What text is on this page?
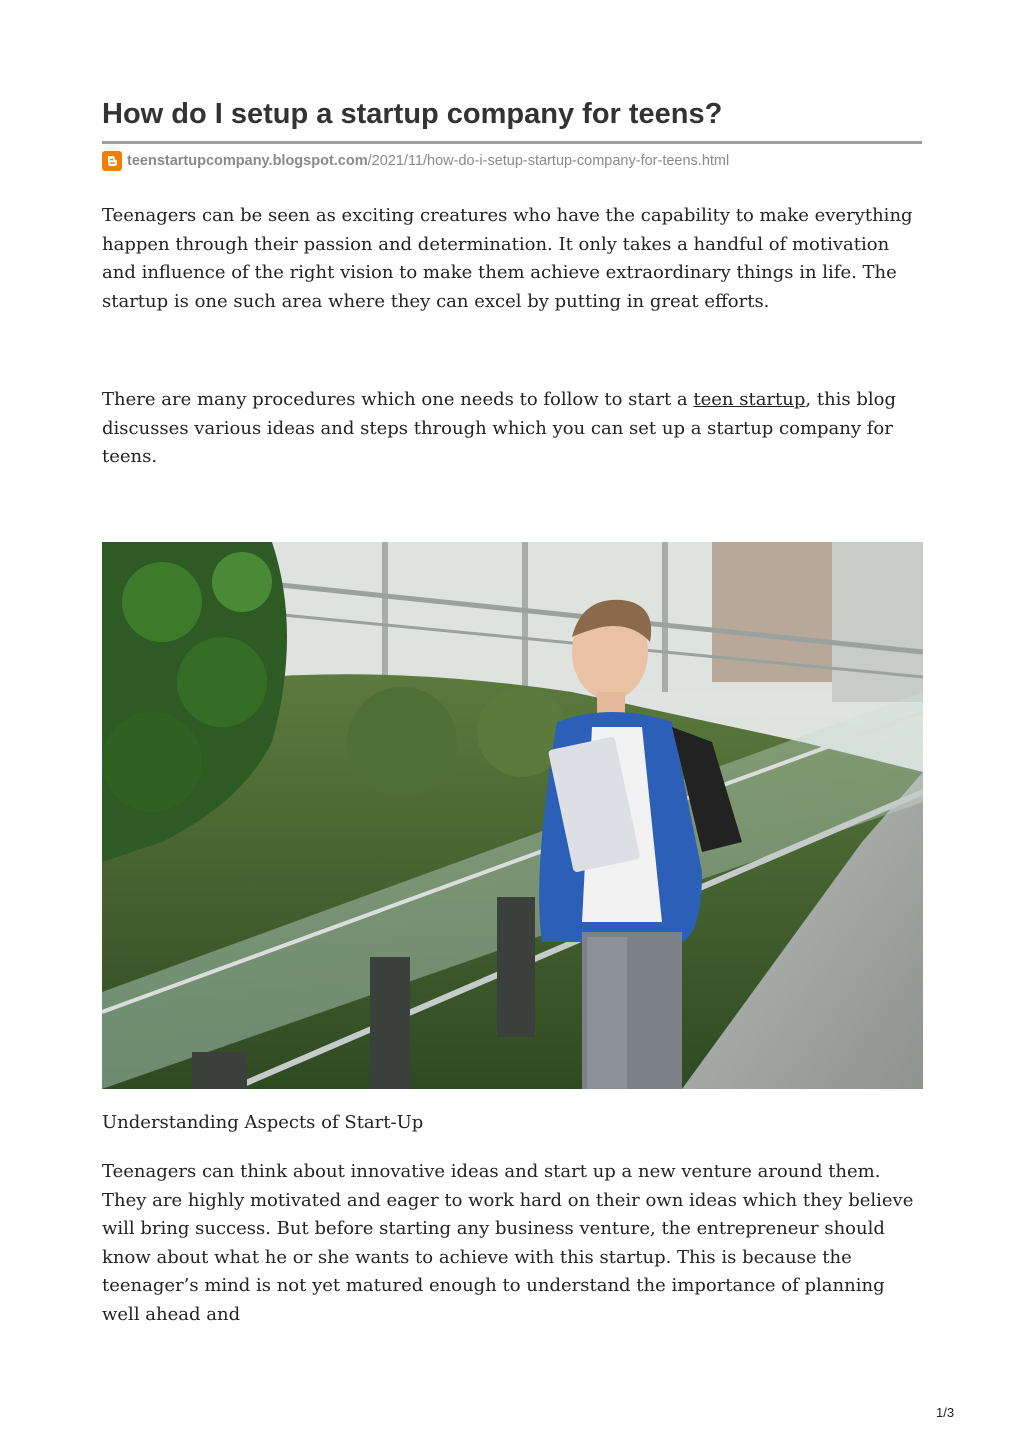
How do I setup a startup company for teens?
teenstartupcompany.blogspot.com /2021/11/how-do-i-setup-startup-company-for-teens.html

Teenagers can be seen as exciting creatures who have the capability to make everything happen through their passion and determination. It only takes a handful of motivation and influence of the right vision to make them achieve extraordinary things in life. The startup is one such area where they can excel by putting in great efforts.

There are many procedures which one needs to follow to start a teen startup, this blog discusses various ideas and steps through which you can set up a startup company for teens.

Understanding Aspects of Start-Up

Teenagers can think about innovative ideas and start up a new venture around them. They are highly motivated and eager to work hard on their own ideas which they believe will bring success. But before starting any business venture, the entrepreneur should know about what he or she wants to achieve with this startup. This is because the teenager’s mind is not yet matured enough to understand the importance of planning well ahead and

1/3
